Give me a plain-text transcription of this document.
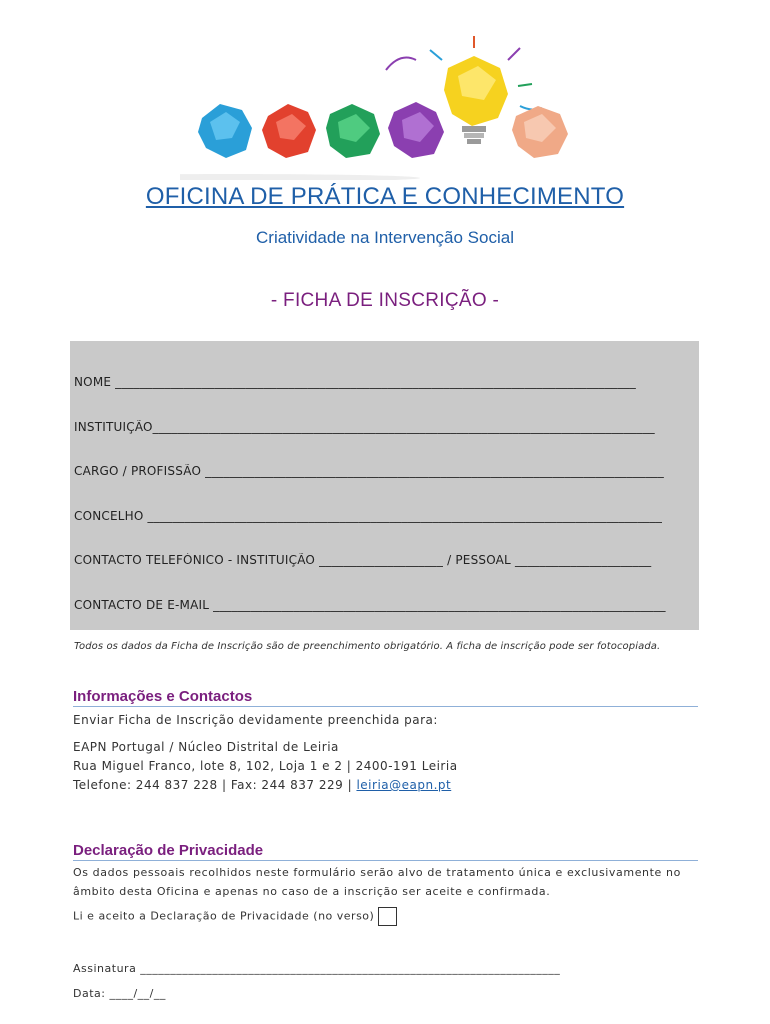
OFICINA DE PRÁTICA E CONHECIMENTO
Criatividade na Intervenção Social
- FICHA DE INSCRIÇÃO -
NOME ____________________________________________________________________________________
INSTITUIÇÃO_________________________________________________________________________________
CARGO / PROFISSÃO __________________________________________________________________________
CONCELHO ___________________________________________________________________________________
CONTACTO TELEFÓNICO - INSTITUIÇÃO ____________________ / PESSOAL ______________________
CONTACTO DE E-MAIL _________________________________________________________________________
Todos os dados da Ficha de Inscrição são de preenchimento obrigatório. A ficha de inscrição pode ser fotocopiada.
Informações e Contactos
Enviar Ficha de Inscrição devidamente preenchida para:
EAPN Portugal / Núcleo Distrital de Leiria
Rua Miguel Franco, lote 8, 102, Loja 1 e 2 | 2400-191 Leiria
Telefone: 244 837 228 | Fax: 244 837 229 | leiria@eapn.pt
Declaração de Privacidade
Os dados pessoais recolhidos neste formulário serão alvo de tratamento única e exclusivamente no âmbito desta Oficina e apenas no caso de a inscrição ser aceite e confirmada.
Li e aceito a Declaração de Privacidade (no verso)
Assinatura ______________________________________________________________________
Data: ____/__/__
